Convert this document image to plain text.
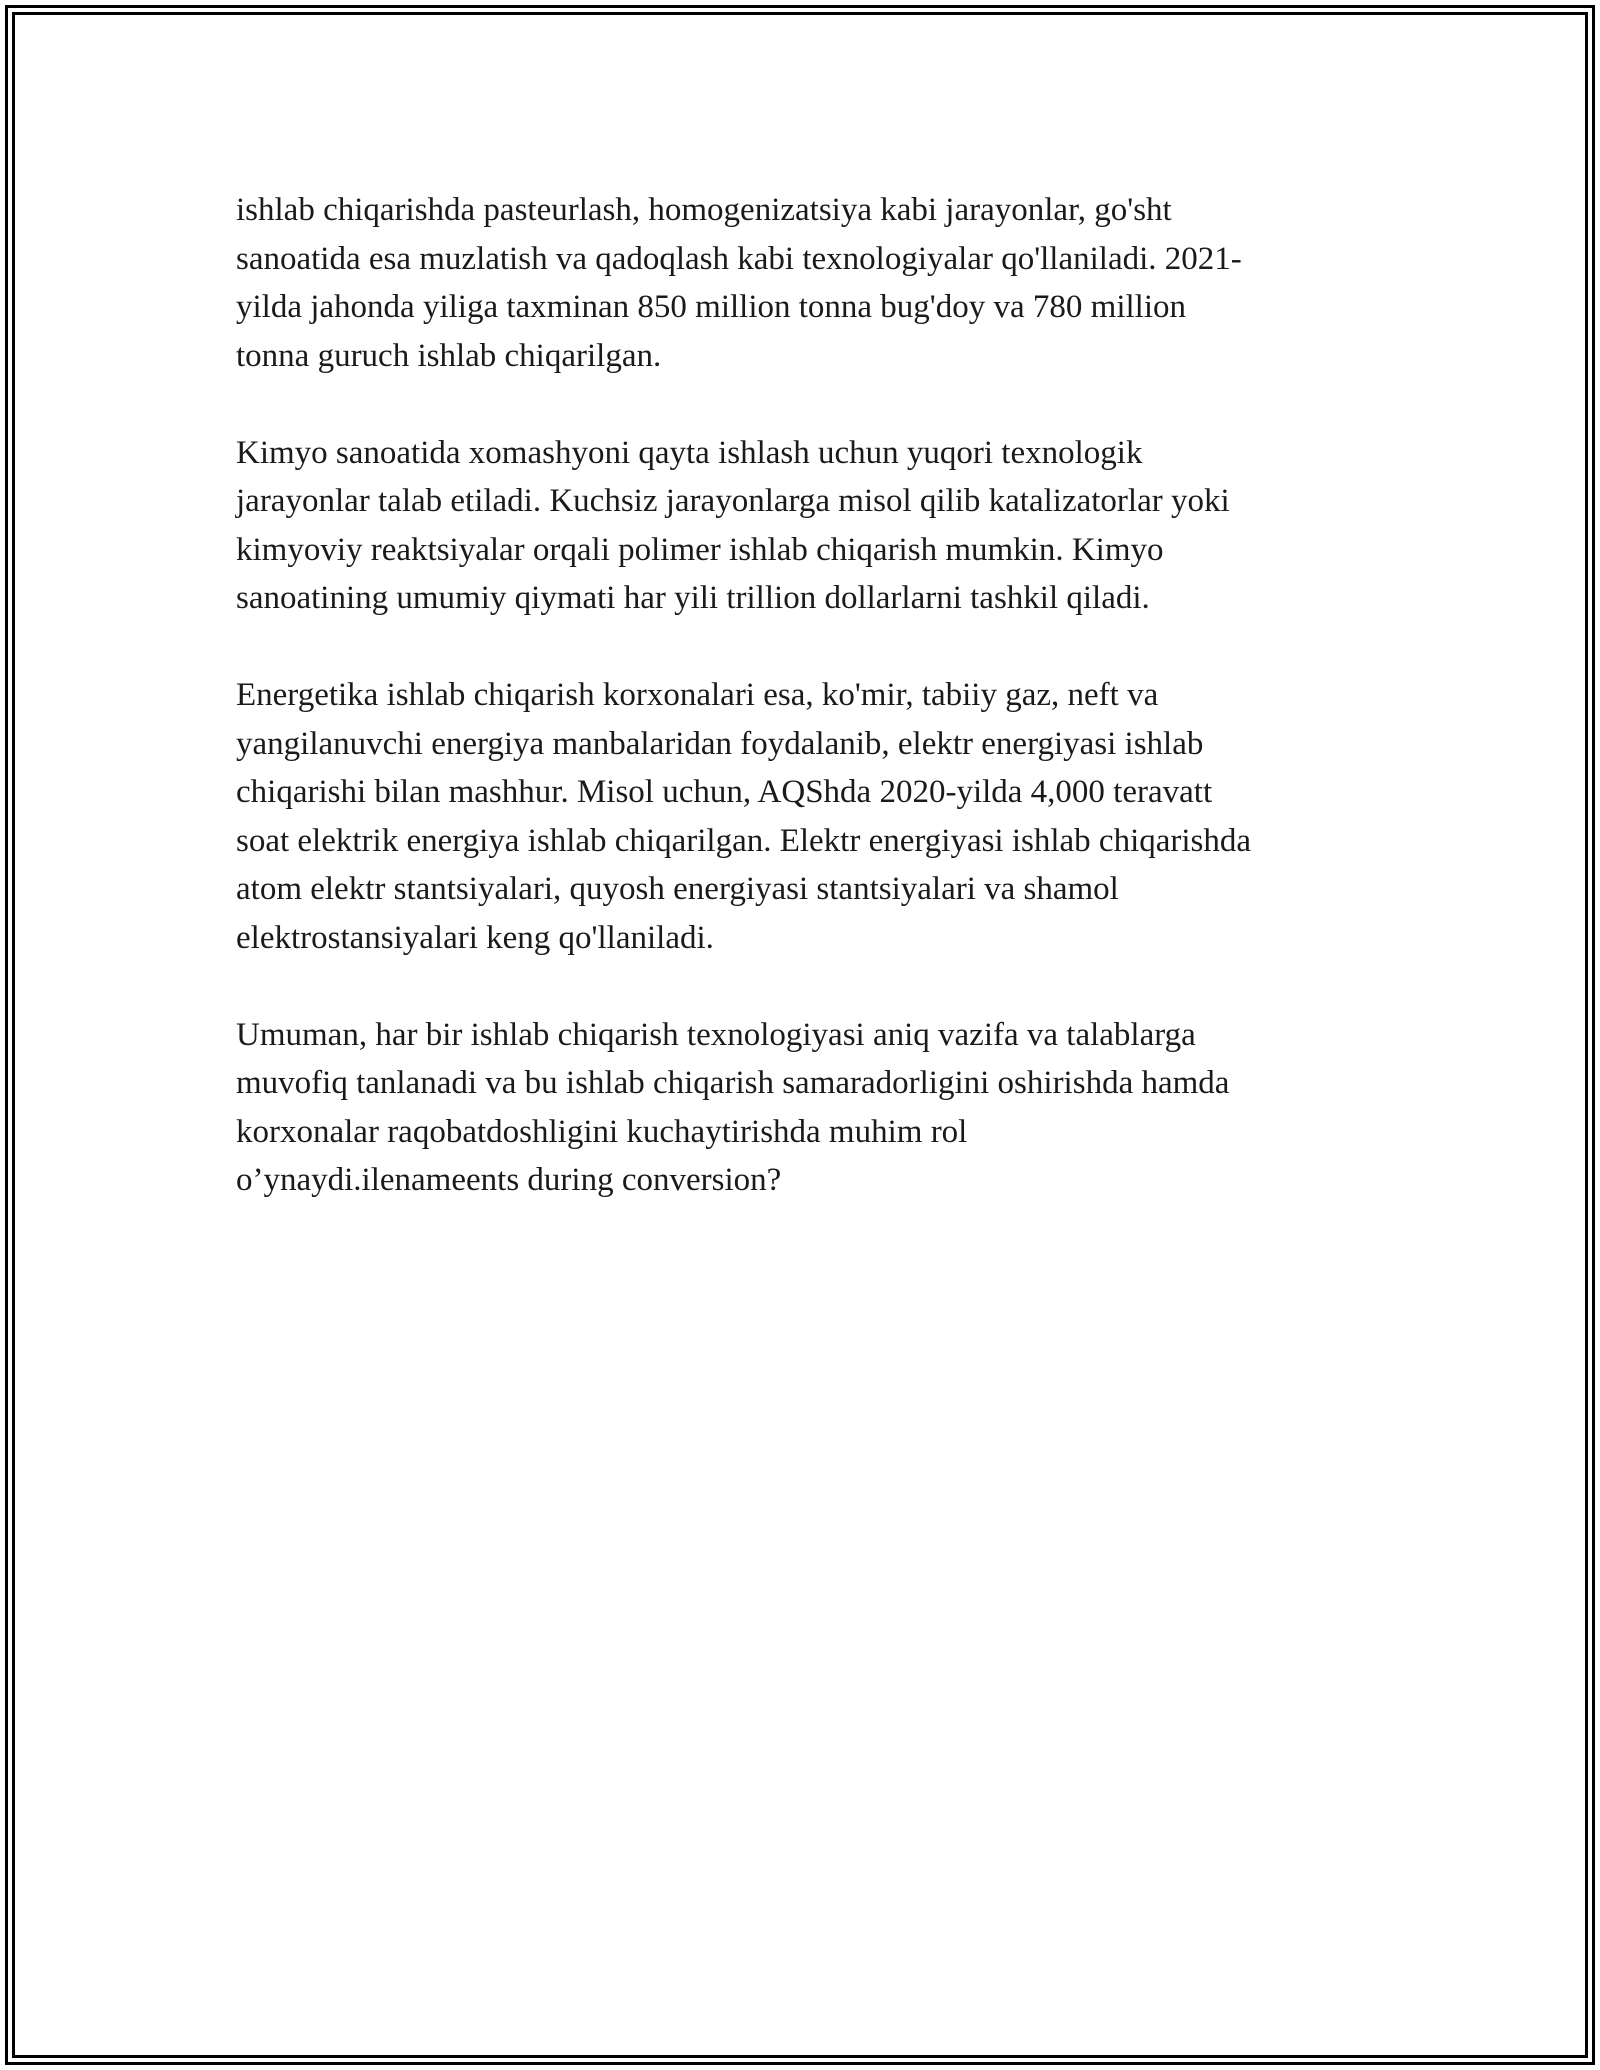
ishlab chiqarishda pasteurlash, homogenizatsiya kabi jarayonlar, go'sht
sanoatida esa muzlatish va qadoqlash kabi texnologiyalar qo'llaniladi. 2021-
yilda jahonda yiliga taxminan 850 million tonna bug'doy va 780 million
tonna guruch ishlab chiqarilgan.

Kimyo sanoatida xomashyoni qayta ishlash uchun yuqori texnologik
jarayonlar talab etiladi. Kuchsiz jarayonlarga misol qilib katalizatorlar yoki
kimyoviy reaktsiyalar orqali polimer ishlab chiqarish mumkin. Kimyo
sanoatining umumiy qiymati har yili trillion dollarlarni tashkil qiladi.

Energetika ishlab chiqarish korxonalari esa, ko'mir, tabiiy gaz, neft va
yangilanuvchi energiya manbalaridan foydalanib, elektr energiyasi ishlab
chiqarishi bilan mashhur. Misol uchun, AQShda 2020-yilda 4,000 teravatt
soat elektrik energiya ishlab chiqarilgan. Elektr energiyasi ishlab chiqarishda
atom elektr stantsiyalari, quyosh energiyasi stantsiyalari va shamol
elektrostansiyalari keng qo'llaniladi.

Umuman, har bir ishlab chiqarish texnologiyasi aniq vazifa va talablarga
muvofiq tanlanadi va bu ishlab chiqarish samaradorligini oshirishda hamda
korxonalar raqobatdoshligini kuchaytirishda muhim rol
o’ynaydi.ilenameents during conversion?
